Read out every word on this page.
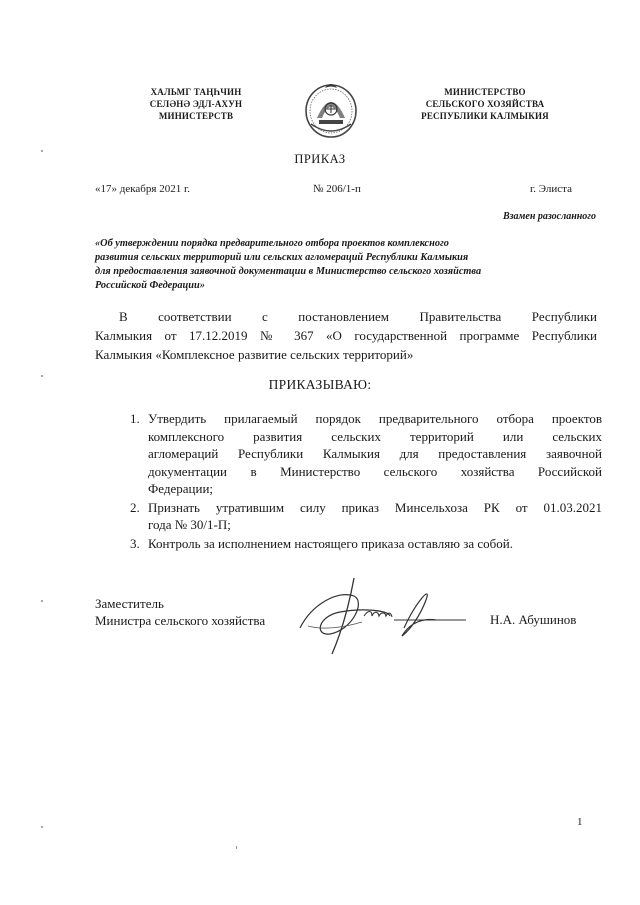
ХАЛЬМГ ТАҢҺЧИН
СЕЛӘНӘ ЭДЛ-АХУН
МИНИСТЕРСТВ
МИНИСТЕРСТВО
СЕЛЬСКОГО ХОЗЯЙСТВА
РЕСПУБЛИКИ КАЛМЫКИЯ
ПРИКАЗ
«17» декабря 2021 г.	№ 206/1-п	г. Элиста
Взамен разосланного
«Об утверждении порядка предварительного отбора проектов комплексного
развития сельских территорий или сельских агломераций Республики Калмыкия
для предоставления заявочной документации в Министерство сельского хозяйства
Российской Федерации»
В соответствии с постановлением Правительства Республики
Калмыкия от 17.12.2019 № 367 «О государственной программе Республики
Калмыкия «Комплексное развитие сельских территорий»
ПРИКАЗЫВАЮ:
1. Утвердить прилагаемый порядок предварительного отбора проектов
комплексного развития сельских территорий или сельских
агломераций Республики Калмыкия для предоставления заявочной
документации в Министерство сельского хозяйства Российской
Федерации;
2. Признать утратившим силу приказ Минсельхоза РК от 01.03.2021
года № 30/1-П;
3. Контроль за исполнением настоящего приказа оставляю за собой.
Заместитель
Министра сельского хозяйства	Н.А. Абушинов
1
